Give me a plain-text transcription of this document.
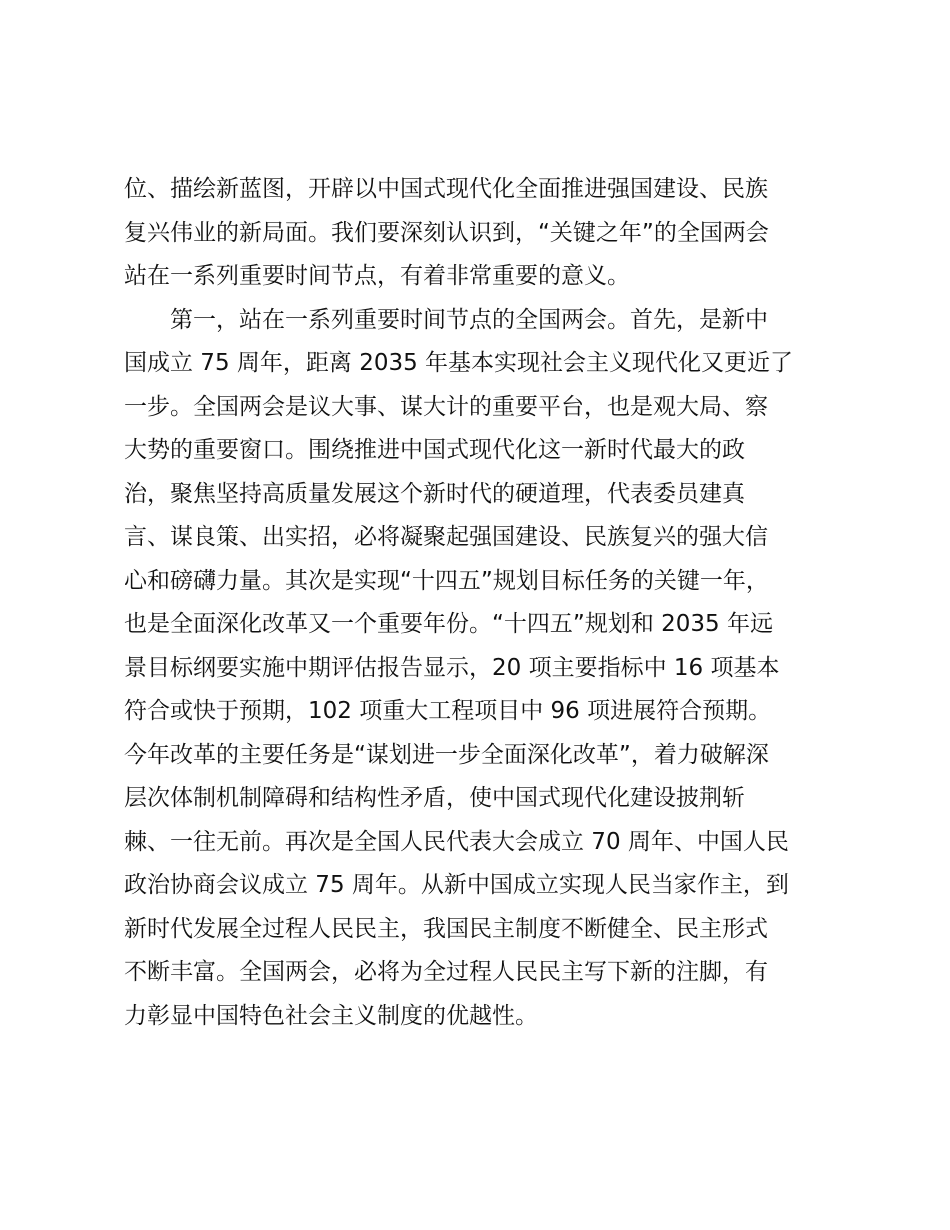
位、描绘新蓝图，开辟以中国式现代化全面推进强国建设、民族
复兴伟业的新局面。我们要深刻认识到，“关键之年”的全国两会
站在一系列重要时间节点，有着非常重要的意义。
　　第一，站在一系列重要时间节点的全国两会。首先，是新中
国成立 75 周年，距离 2035 年基本实现社会主义现代化又更近了
一步。全国两会是议大事、谋大计的重要平台，也是观大局、察
大势的重要窗口。围绕推进中国式现代化这一新时代最大的政
治，聚焦坚持高质量发展这个新时代的硬道理，代表委员建真
言、谋良策、出实招，必将凝聚起强国建设、民族复兴的强大信
心和磅礴力量。其次是实现“十四五”规划目标任务的关键一年，
也是全面深化改革又一个重要年份。“十四五”规划和 2035 年远
景目标纲要实施中期评估报告显示，20 项主要指标中 16 项基本
符合或快于预期，102 项重大工程项目中 96 项进展符合预期。
今年改革的主要任务是“谋划进一步全面深化改革”，着力破解深
层次体制机制障碍和结构性矛盾，使中国式现代化建设披荆斩
棘、一往无前。再次是全国人民代表大会成立 70 周年、中国人民
政治协商会议成立 75 周年。从新中国成立实现人民当家作主，到
新时代发展全过程人民民主，我国民主制度不断健全、民主形式
不断丰富。全国两会，必将为全过程人民民主写下新的注脚，有
力彰显中国特色社会主义制度的优越性。
